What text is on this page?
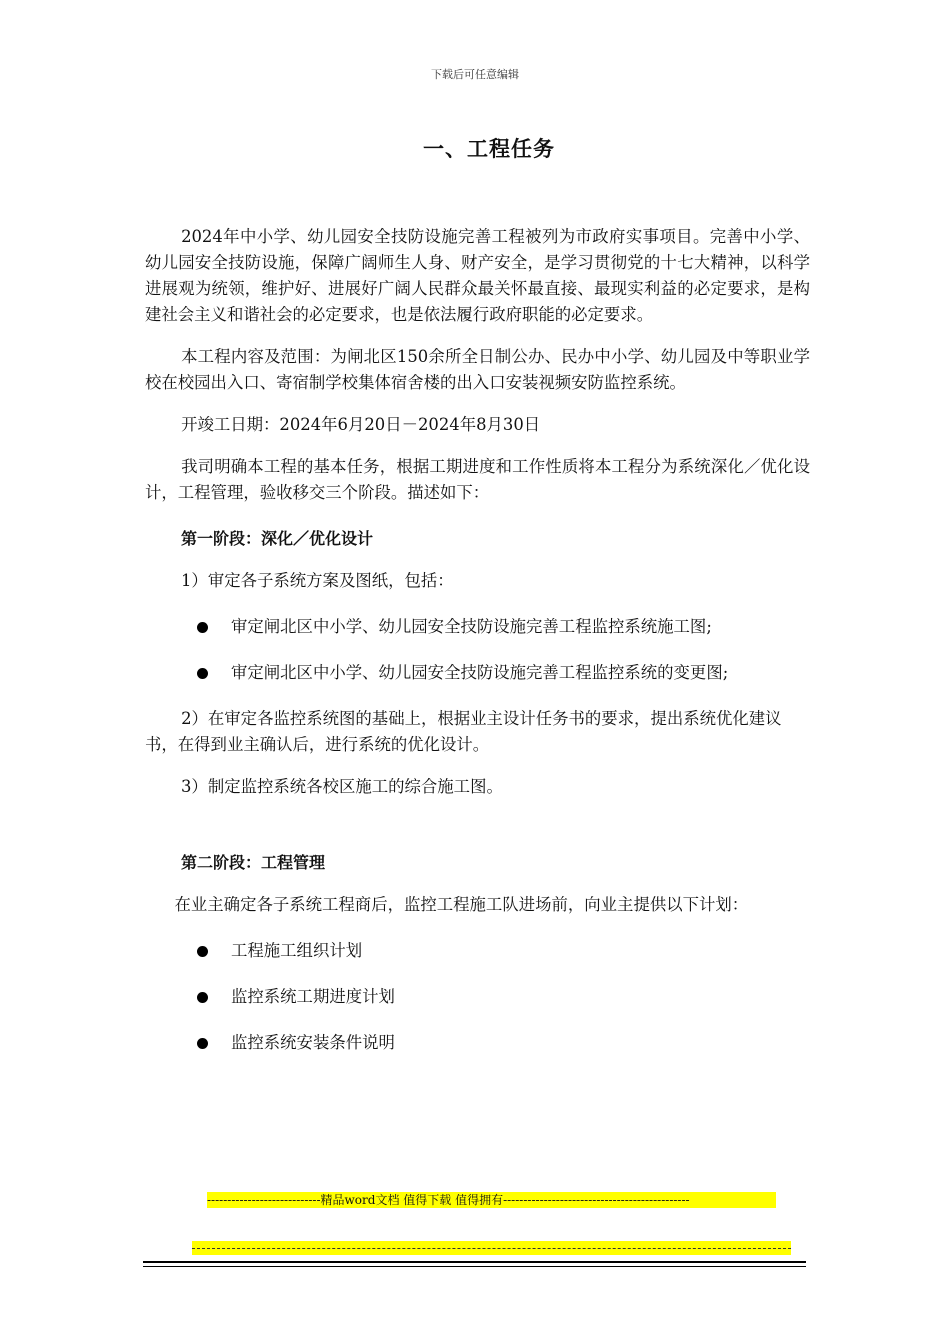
下载后可任意编辑
一、工程任务

2024年中小学、幼儿园安全技防设施完善工程被列为市政府实事项目。完善中小学、幼儿园安全技防设施，保障广阔师生人身、财产安全，是学习贯彻党的十七大精神，以科学进展观为统领，维护好、进展好广阔人民群众最关怀最直接、最现实利益的必定要求，是构建社会主义和谐社会的必定要求，也是依法履行政府职能的必定要求。

本工程内容及范围：为闸北区150余所全日制公办、民办中小学、幼儿园及中等职业学校在校园出入口、寄宿制学校集体宿舍楼的出入口安装视频安防监控系统。

开竣工日期：2024年6月20日－2024年8月30日

我司明确本工程的基本任务，根据工期进度和工作性质将本工程分为系统深化／优化设计，工程管理，验收移交三个阶段。描述如下：

第一阶段：深化／优化设计

1）审定各子系统方案及图纸，包括：

审定闸北区中小学、幼儿园安全技防设施完善工程监控系统施工图;

审定闸北区中小学、幼儿园安全技防设施完善工程监控系统的变更图;

2）在审定各监控系统图的基础上，根据业主设计任务书的要求，提出系统优化建议书，在得到业主确认后，进行系统的优化设计。

3）制定监控系统各校区施工的综合施工图。

第二阶段：工程管理

在业主确定各子系统工程商后，监控工程施工队进场前，向业主提供以下计划：

工程施工组织计划

监控系统工期进度计划

监控系统安装条件说明

----------------------------精品word文档 值得下载 值得拥有----------------------------------------------
